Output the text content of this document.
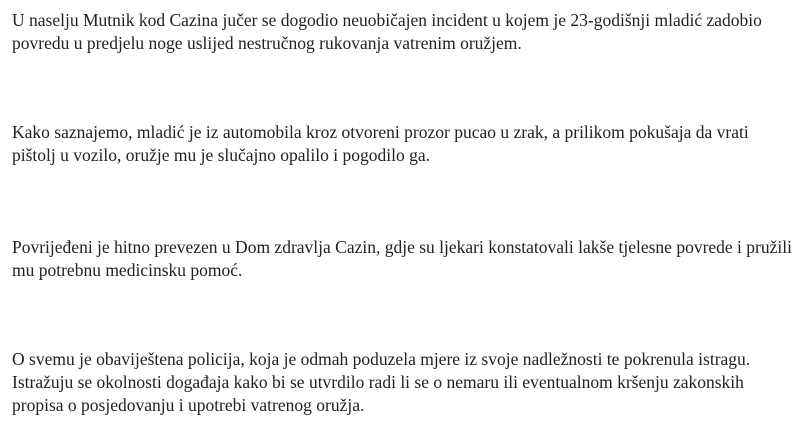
U naselju Mutnik kod Cazina jučer se dogodio neuobičajen incident u kojem je 23-godišnji mladić zadobio povredu u predjelu noge uslijed nestručnog rukovanja vatrenim oružjem.

Kako saznajemo, mladić je iz automobila kroz otvoreni prozor pucao u zrak, a prilikom pokušaja da vrati pištolj u vozilo, oružje mu je slučajno opalilo i pogodilo ga.

Povrijeđeni je hitno prevezen u Dom zdravlja Cazin, gdje su ljekari konstatovali lakše tjelesne povrede i pružili mu potrebnu medicinsku pomoć.

O svemu je obaviještena policija, koja je odmah poduzela mjere iz svoje nadležnosti te pokrenula istragu. Istražuju se okolnosti događaja kako bi se utvrdilo radi li se o nemaru ili eventualnom kršenju zakonskih propisa o posjedovanju i upotrebi vatrenog oružja.
